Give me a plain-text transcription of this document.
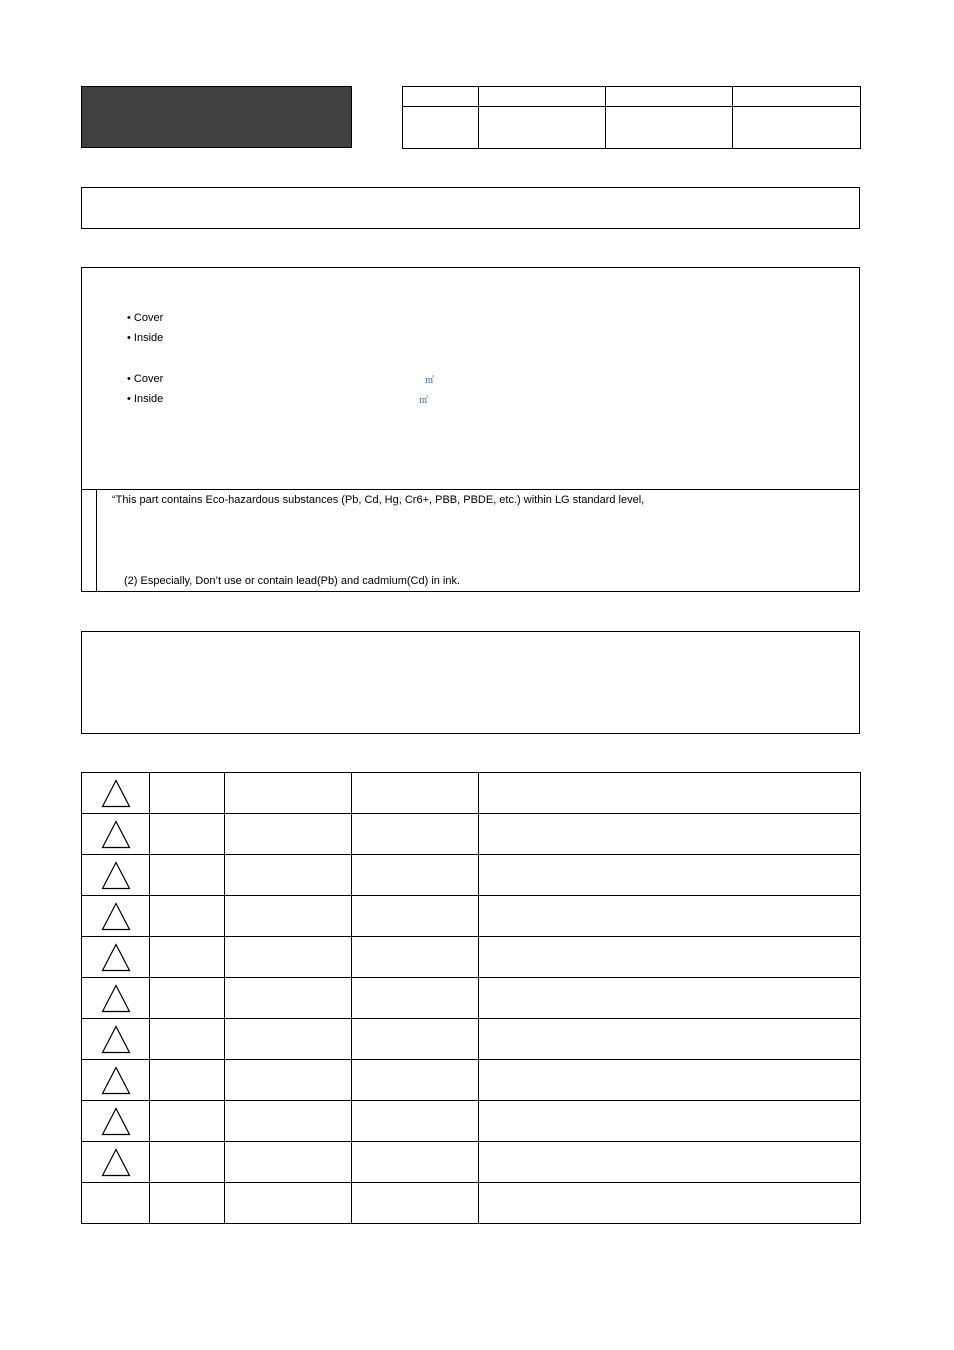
• Cover
• Inside
• Cover	㎡
• Inside	㎡
“This part contains Eco-hazardous substances (Pb, Cd, Hg, Cr6+, PBB, PBDE, etc.) within LG standard level,
(2) Especially, Don’t use or contain lead(Pb) and cadmium(Cd) in ink.
